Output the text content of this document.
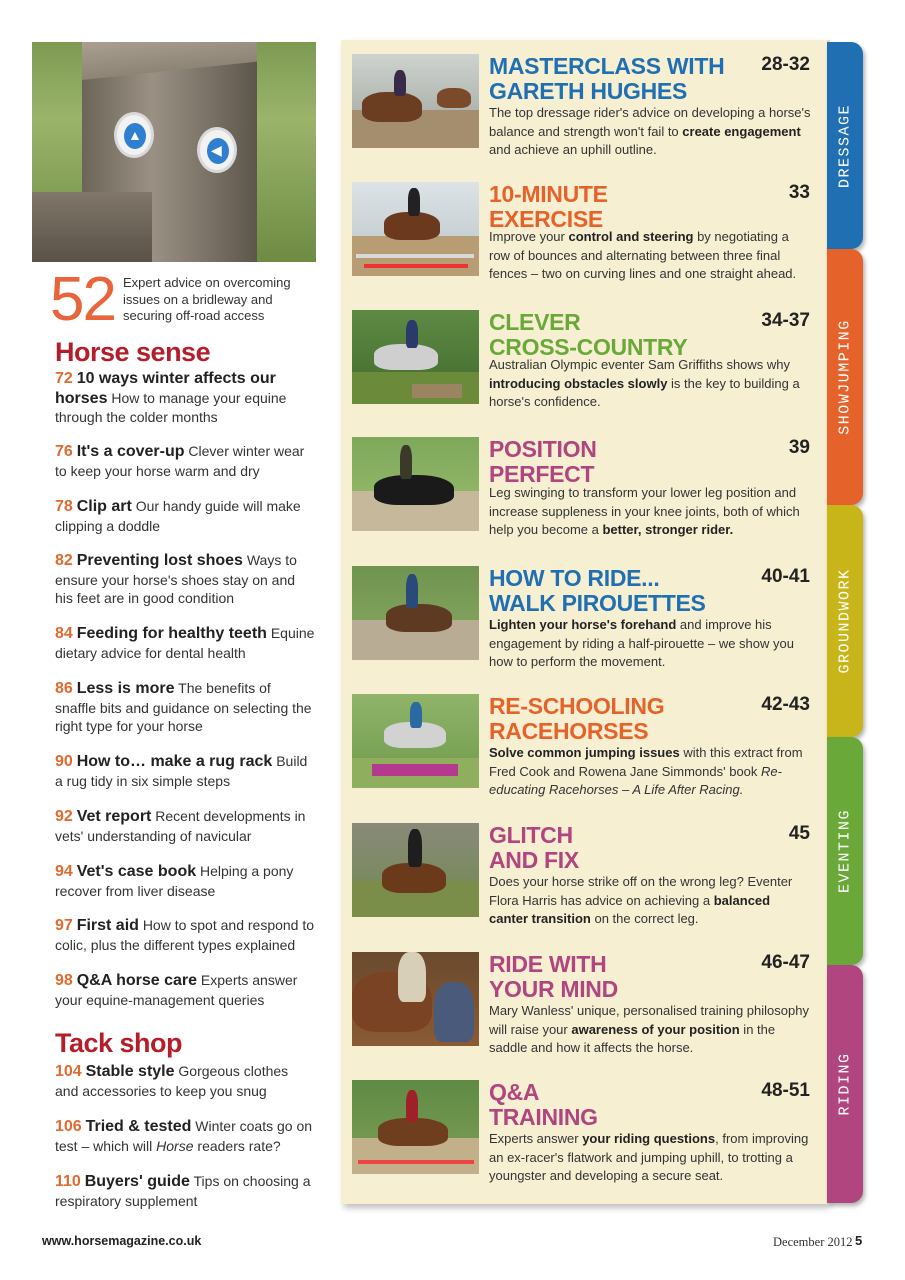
▲
◀
52 Expert advice on overcoming issues on a bridleway and securing off-road access
Horse sense
72 10 ways winter affects our horses How to manage your equine through the colder months
76 It's a cover-up Clever winter wear to keep your horse warm and dry
78 Clip art Our handy guide will make clipping a doddle
82 Preventing lost shoes Ways to ensure your horse's shoes stay on and his feet are in good condition
84 Feeding for healthy teeth Equine dietary advice for dental health
86 Less is more The benefits of snaffle bits and guidance on selecting the right type for your horse
90 How to… make a rug rack Build a rug tidy in six simple steps
92 Vet report Recent developments in vets' understanding of navicular
94 Vet's case book Helping a pony recover from liver disease
97 First aid How to spot and respond to colic, plus the different types explained
98 Q&A horse care Experts answer your equine-management queries
Tack shop
104 Stable style Gorgeous clothes and accessories to keep you snug
106 Tried & tested Winter coats go on test – which will Horse readers rate?
110 Buyers' guide Tips on choosing a respiratory supplement
DRESSAGE
SHOWJUMPING
GROUNDWORK
EVENTING
RIDING
MASTERCLASS WITH
GARETH HUGHES
28-32
The top dressage rider's advice on developing a horse's balance and strength won't fail to create engagement and achieve an uphill outline.
10-MINUTE
EXERCISE
33
Improve your control and steering by negotiating a row of bounces and alternating between three final fences – two on curving lines and one straight ahead.
CLEVER
CROSS-COUNTRY
34-37
Australian Olympic eventer Sam Griffiths shows why introducing obstacles slowly is the key to building a horse's confidence.
POSITION
PERFECT
39
Leg swinging to transform your lower leg position and increase suppleness in your knee joints, both of which help you become a better, stronger rider.
HOW TO RIDE...
WALK PIROUETTES
40-41
Lighten your horse's forehand and improve his engagement by riding a half-pirouette – we show you how to perform the movement.
RE-SCHOOLING
RACEHORSES
42-43
Solve common jumping issues with this extract from Fred Cook and Rowena Jane Simmonds' book Re-educating Racehorses – A Life After Racing.
GLITCH
AND FIX
45
Does your horse strike off on the wrong leg? Eventer Flora Harris has advice on achieving a balanced canter transition on the correct leg.
RIDE WITH
YOUR MIND
46-47
Mary Wanless' unique, personalised training philosophy will raise your awareness of your position in the saddle and how it affects the horse.
Q&A
TRAINING
48-51
Experts answer your riding questions, from improving an ex-racer's flatwork and jumping uphill, to trotting a youngster and developing a secure seat.
www.horsemagazine.co.uk	December 2012 5
